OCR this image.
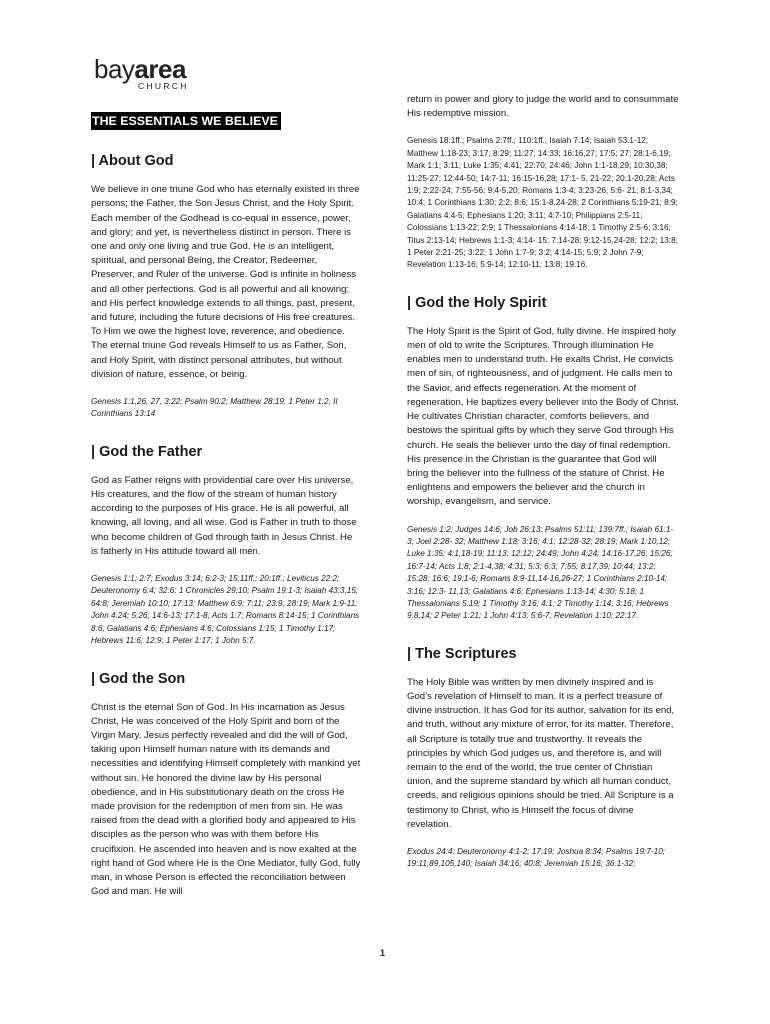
bayarea
CHURCH
THE ESSENTIALS WE BELIEVE
| About God
We believe in one triune God who has eternally existed in three persons; the Father, the Son Jesus Christ, and the Holy Spirit. Each member of the Godhead is co-equal in essence, power, and glory; and yet, is nevertheless distinct in person. There is one and only one living and true God. He is an intelligent, spiritual, and personal Being, the Creator, Redeemer, Preserver, and Ruler of the universe. God is infinite in holiness and all other perfections. God is all powerful and all knowing; and His perfect knowledge extends to all things, past, present, and future, including the future decisions of His free creatures. To Him we owe the highest love, reverence, and obedience. The eternal triune God reveals Himself to us as Father, Son, and Holy Spirit, with distinct personal attributes, but without division of nature, essence, or being.
Genesis 1:1,26, 27, 3:22; Psalm 90:2; Matthew 28:19, 1 Peter 1:2, II Corinthians 13:14
| God the Father
God as Father reigns with providential care over His universe, His creatures, and the flow of the stream of human history according to the purposes of His grace. He is all powerful, all knowing, all loving, and all wise. God is Father in truth to those who become children of God through faith in Jesus Christ. He is fatherly in His attitude toward all men.
Genesis 1:1; 2:7; Exodus 3:14; 6:2-3; 15:11ff.; 20:1ff.; Leviticus 22:2; Deuteronomy 6:4; 32:6; 1 Chronicles 29:10; Psalm 19:1-3; Isaiah 43:3,15; 64:8; Jeremiah 10:10; 17:13; Matthew 6:9; 7:11; 23:9; 28:19; Mark 1:9-11; John 4:24; 5:26; 14:6-13; 17:1-8; Acts 1:7; Romans 8:14-15; 1 Corinthians 8:6; Galatians 4:6; Ephesians 4:6; Colossians 1:15; 1 Timothy 1:17; Hebrews 11:6; 12:9; 1 Peter 1:17; 1 John 5:7.
| God the Son
Christ is the eternal Son of God. In His incarnation as Jesus Christ, He was conceived of the Holy Spirit and born of the Virgin Mary. Jesus perfectly revealed and did the will of God, taking upon Himself human nature with its demands and necessities and identifying Himself completely with mankind yet without sin. He honored the divine law by His personal obedience, and in His substitutionary death on the cross He made provision for the redemption of men from sin. He was raised from the dead with a glorified body and appeared to His disciples as the person who was with them before His crucifixion. He ascended into heaven and is now exalted at the right hand of God where He is the One Mediator, fully God, fully man, in whose Person is effected the reconciliation between God and man. He will
return in power and glory to judge the world and to consummate His redemptive mission.
Genesis 18:1ff.; Psalms 2:7ff.; 110:1ff.; Isaiah 7:14; Isaiah 53:1-12; Matthew 1:18-23; 3:17; 8:29; 11:27; 14:33; 16:16,27; 17:5; 27; 28:1-6,19; Mark 1:1; 3:11; Luke 1:35; 4:41; 22:70; 24:46; John 1:1-18,29; 10:30,38; 11:25-27; 12:44-50; 14:7-11; 16:15-16,28; 17:1- 5, 21-22; 20:1-20,28; Acts 1:9; 2:22-24; 7:55-56; 9:4-5,20; Romans 1:3-4; 3:23-26; 5:6- 21; 8:1-3,34; 10:4; 1 Corinthians 1:30; 2:2; 8:6; 15:1-8,24-28; 2 Corinthians 5:19-21; 8:9; Galatians 4:4-5; Ephesians 1:20; 3:11; 4:7-10; Philippians 2:5-11; Colossians 1:13-22; 2:9; 1 Thessalonians 4:14-18; 1 Timothy 2:5-6; 3:16; Titus 2:13-14; Hebrews 1:1-3; 4:14- 15; 7:14-28; 9:12-15,24-28; 12:2; 13:8; 1 Peter 2:21-25; 3:22; 1 John 1:7-9; 3:2; 4:14-15; 5:9; 2 John 7-9; Revelation 1:13-16; 5:9-14; 12:10-11; 13:8; 19:16.
| God the Holy Spirit
The Holy Spirit is the Spirit of God, fully divine. He inspired holy men of old to write the Scriptures. Through illumination He enables men to understand truth. He exalts Christ. He convicts men of sin, of righteousness, and of judgment. He calls men to the Savior, and effects regeneration. At the moment of regeneration, He baptizes every believer into the Body of Christ. He cultivates Christian character, comforts believers, and bestows the spiritual gifts by which they serve God through His church. He seals the believer unto the day of final redemption. His presence in the Christian is the guarantee that God will bring the believer into the fullness of the stature of Christ. He enlightens and empowers the believer and the church in worship, evangelism, and service.
Genesis 1:2; Judges 14:6; Job 26:13; Psalms 51:11; 139:7ff.; Isaiah 61:1-3; Joel 2:28- 32; Matthew 1:18; 3:16; 4:1; 12:28-32; 28:19; Mark 1:10,12; Luke 1:35; 4:1,18-19; 11:13; 12:12; 24:49; John 4:24; 14:16-17,26; 15:26; 16:7-14; Acts 1:8; 2:1-4,38; 4:31; 5:3; 6:3; 7:55; 8:17,39; 10:44; 13:2; 15:28; 16:6; 19:1-6; Romans 8:9-11,14-16,26-27; 1 Corinthians 2:10-14; 3:16; 12:3- 11,13; Galatians 4:6; Ephesians 1:13-14; 4:30; 5:18; 1 Thessalonians 5:19; 1 Timothy 3:16; 4:1; 2 Timothy 1:14; 3:16; Hebrews 9:8,14; 2 Peter 1:21; 1 John 4:13; 5:6-7; Revelation 1:10; 22:17.
| The Scriptures
The Holy Bible was written by men divinely inspired and is God’s revelation of Himself to man. It is a perfect treasure of divine instruction. It has God for its author, salvation for its end, and truth, without any mixture of error, for its matter. Therefore, all Scripture is totally true and trustworthy. It reveals the principles by which God judges us, and therefore is, and will remain to the end of the world, the true center of Christian union, and the supreme standard by which all human conduct, creeds, and religious opinions should be tried. All Scripture is a testimony to Christ, who is Himself the focus of divine revelation.
Exodus 24:4; Deuteronomy 4:1-2; 17:19; Joshua 8:34; Psalms 19:7-10; 19:11,89,105,140; Isaiah 34:16; 40:8; Jeremiah 15:16; 36:1-32;
1
